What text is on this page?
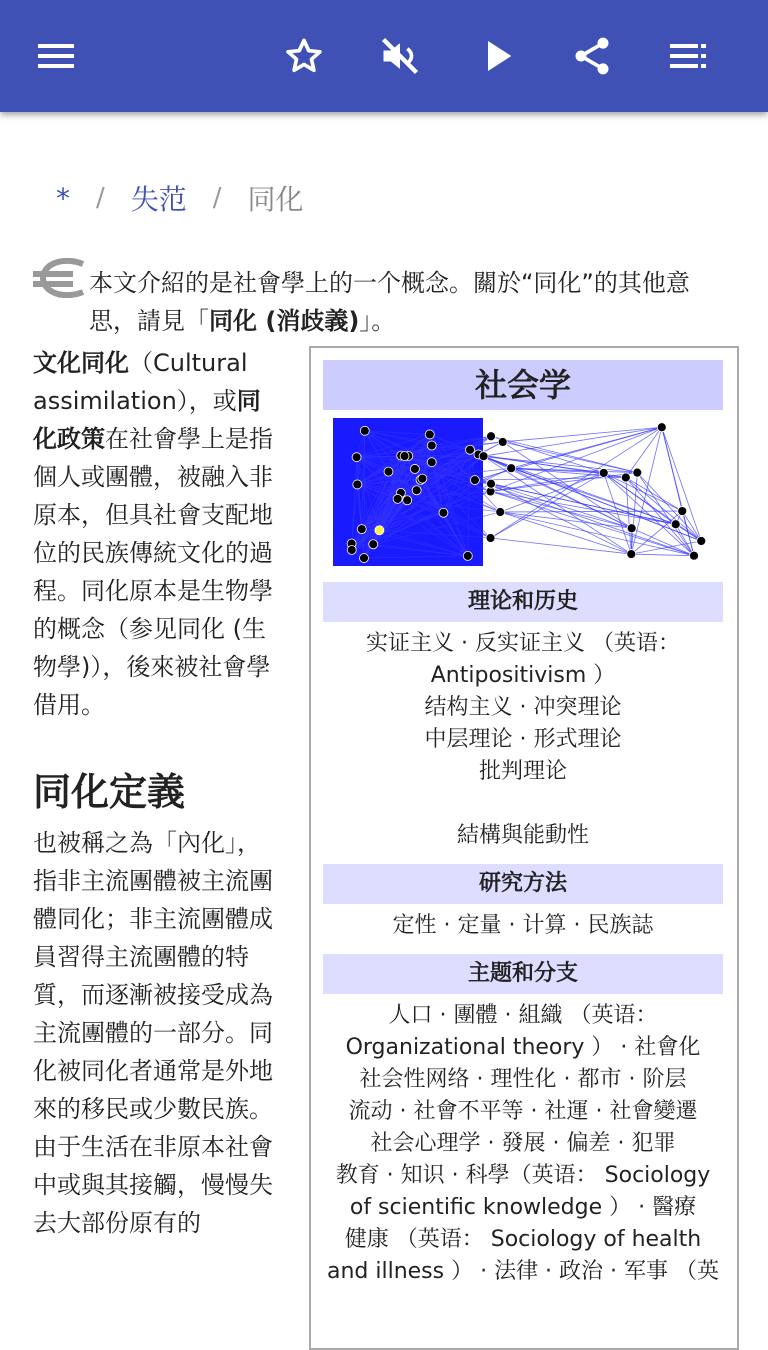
* / 失范 / 同化
本文介紹的是社會學上的一个概念。關於“同化”的其他意思，請見「同化 (消歧義)」。

文化同化（Cultural assimilation），或同化政策在社會學上是指個人或團體，被融入非原本，但具社會支配地位的民族傳統文化的過程。同化原本是生物學的概念（参见同化 (生物學)），後來被社會學借用。

同化定義

也被稱之為「內化」，指非主流團體被主流團體同化；非主流團體成員習得主流團體的特質，而逐漸被接受成為主流團體的一部分。同化被同化者通常是外地來的移民或少數民族。由于生活在非原本社會中或與其接觸，慢慢失去大部份原有的

社会学
理论和历史
实证主义 · 反实证主义 （英语：
Antipositivism ）
结构主义 · 冲突理论
中层理论 · 形式理论
批判理论
結構與能動性
研究方法
定性 · 定量 · 计算 · 民族誌
主题和分支
人口 · 團體 · 組織 （英语：
Organizational theory ） · 社會化
社会性网络 · 理性化 · 都市 · 阶层
流动 · 社會不平等 · 社運 · 社會變遷
社会心理学 · 發展 · 偏差 · 犯罪
教育 · 知识 · 科學（英语： Sociology
of scientific knowledge ） · 醫療
健康 （英语： Sociology of health
and illness ） · 法律 · 政治 · 军事 （英
